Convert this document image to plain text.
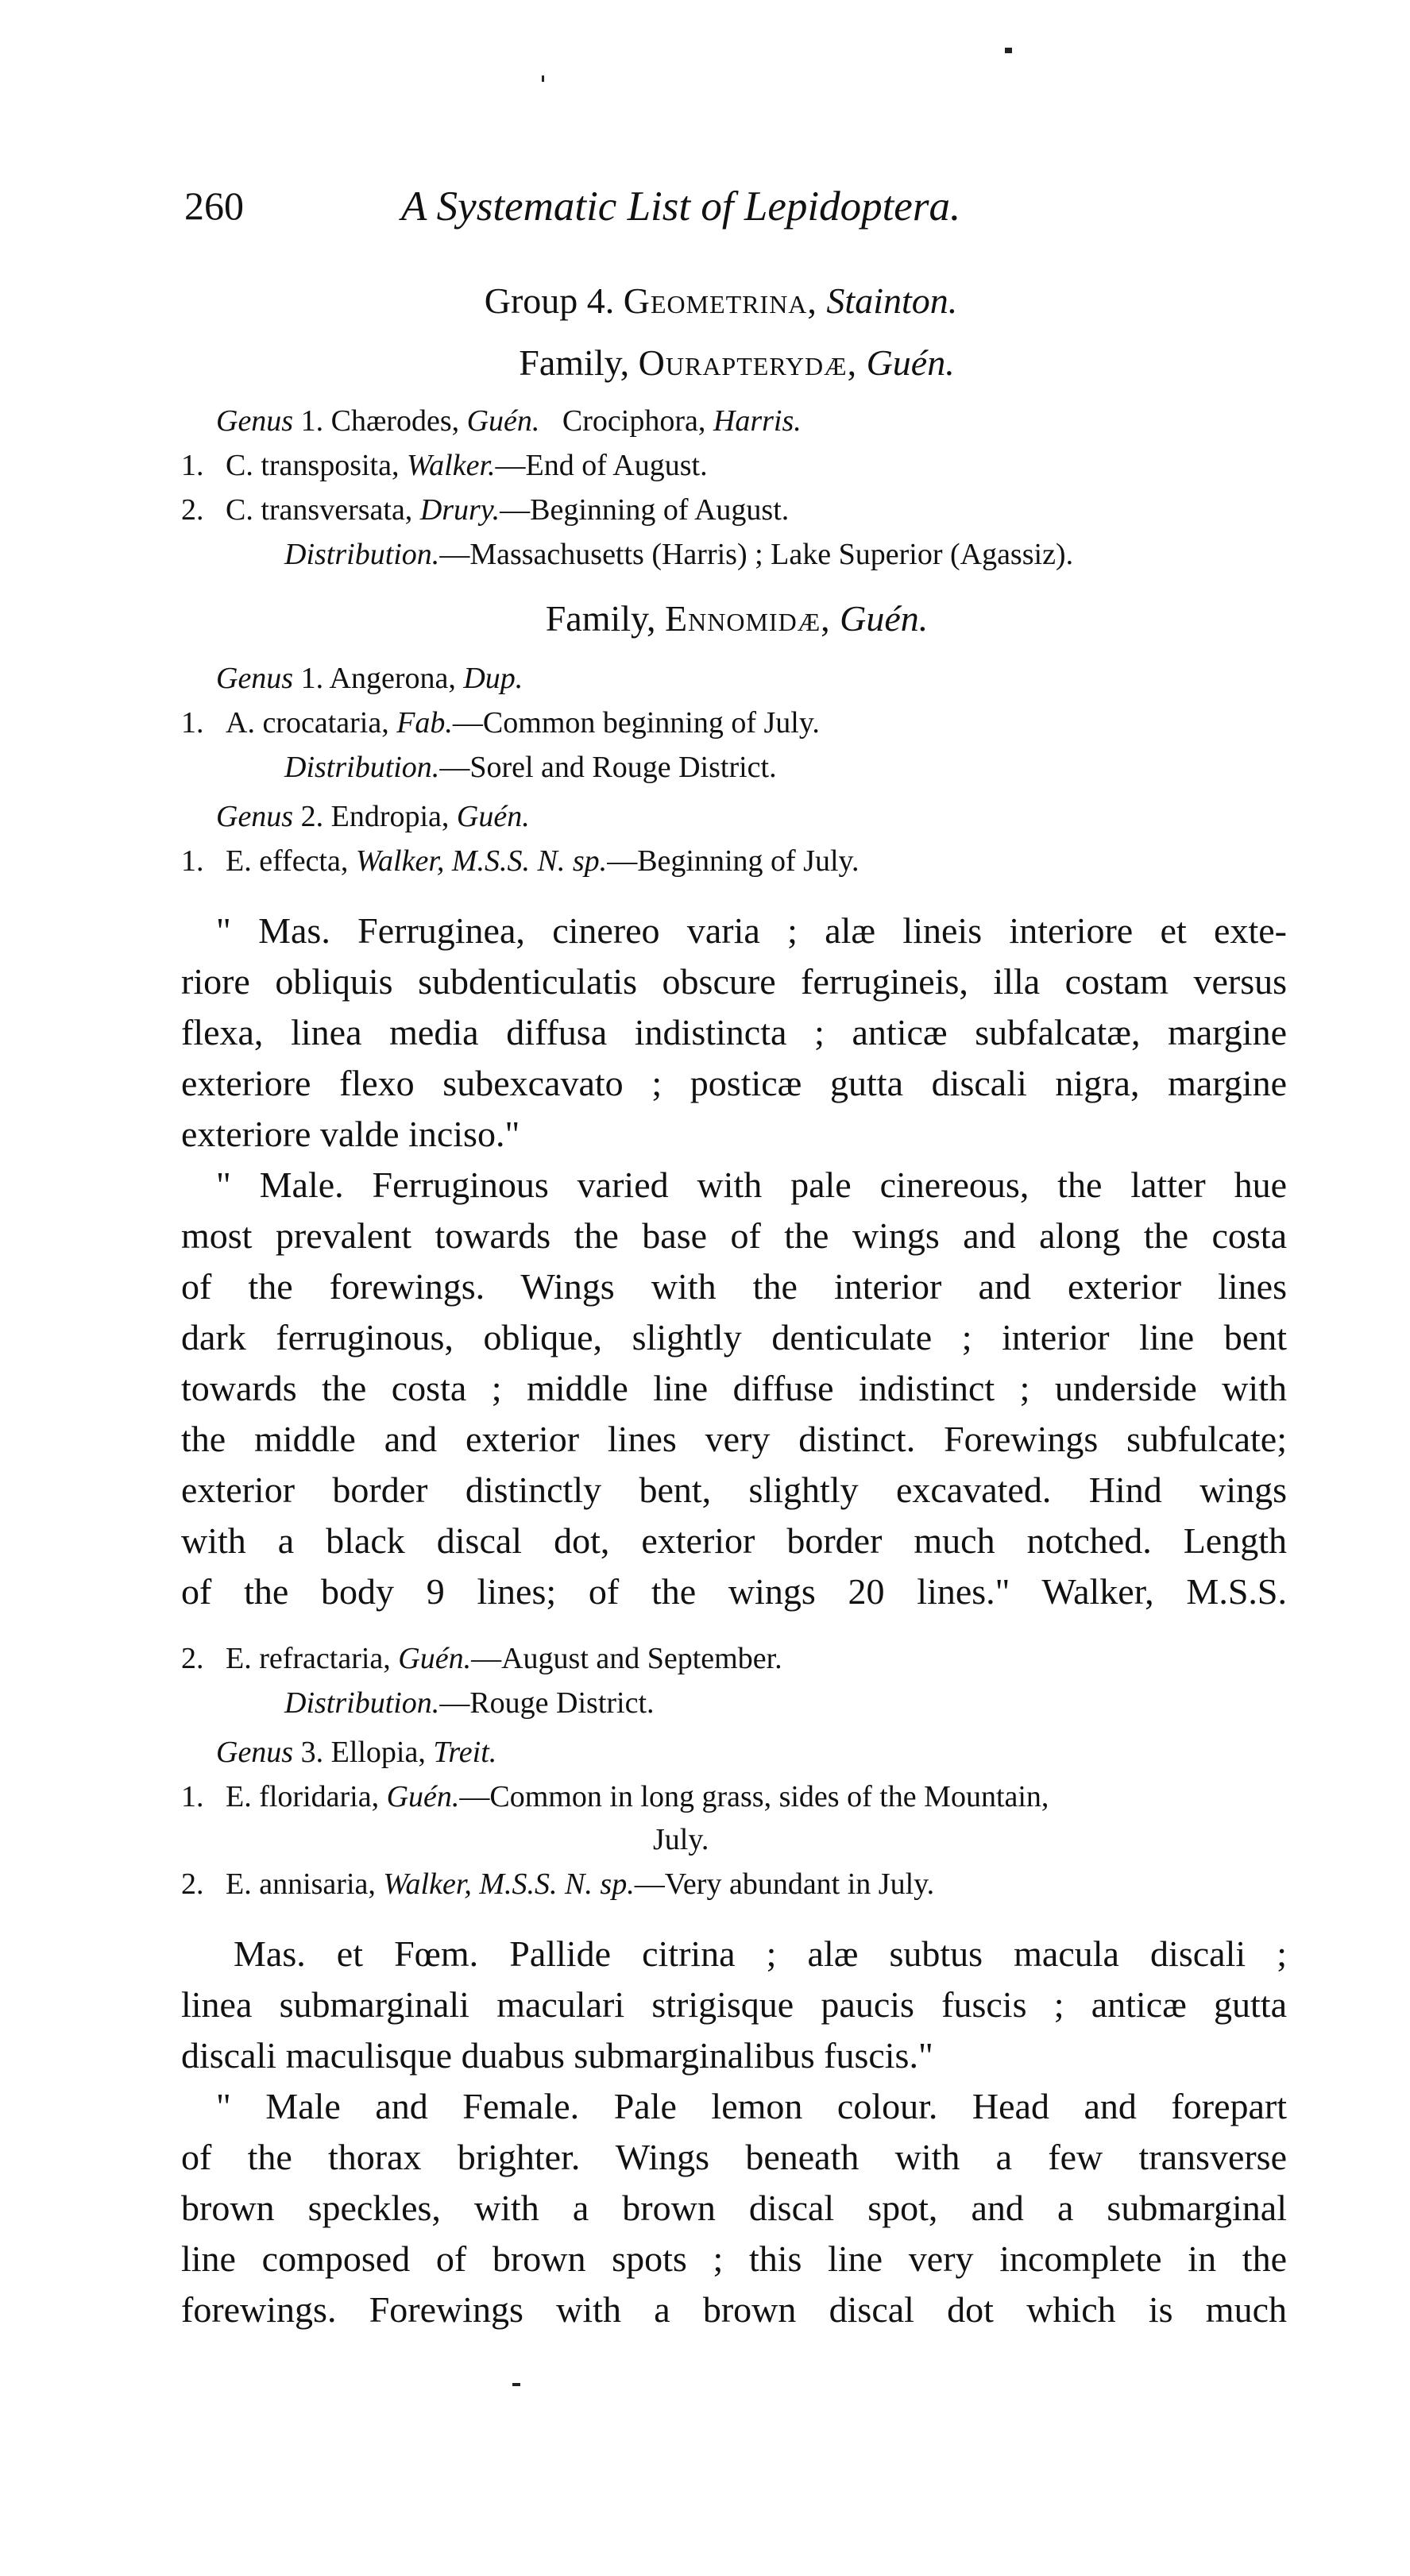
260	A Systematic List of Lepidoptera.
Group 4. Geometrina, Stainton.
Family, Ourapterydæ, Guén.
Genus 1. Chærodes, Guén. Crociphora, Harris.
1. C. transposita, Walker.—End of August.
2. C. transversata, Drury.—Beginning of August.
Distribution.—Massachusetts (Harris) ; Lake Superior (Agassiz).
Family, Ennomidæ, Guén.
Genus 1. Angerona, Dup.
1. A. crocataria, Fab.—Common beginning of July.
Distribution.—Sorel and Rouge District.
Genus 2. Endropia, Guén.
1. E. effecta, Walker, M.S.S. N. sp.—Beginning of July.
" Mas. Ferruginea, cinereo varia ; alæ lineis interiore et exte-
riore obliquis subdenticulatis obscure ferrugineis, illa costam versus
flexa, linea media diffusa indistincta ; anticæ subfalcatæ, margine
exteriore flexo subexcavato ; posticæ gutta discali nigra, margine
exteriore valde inciso."
" Male. Ferruginous varied with pale cinereous, the latter hue
most prevalent towards the base of the wings and along the costa
of the forewings. Wings with the interior and exterior lines
dark ferruginous, oblique, slightly denticulate ; interior line bent
towards the costa ; middle line diffuse indistinct ; underside with
the middle and exterior lines very distinct. Forewings subfulcate;
exterior border distinctly bent, slightly excavated. Hind wings
with a black discal dot, exterior border much notched. Length
of the body 9 lines; of the wings 20 lines." Walker, M.S.S.
2. E. refractaria, Guén.—August and September.
Distribution.—Rouge District.
Genus 3. Ellopia, Treit.
1. E. floridaria, Guén.—Common in long grass, sides of the Mountain,
July.
2. E. annisaria, Walker, M.S.S. N. sp.—Very abundant in July.
Mas. et Fœm. Pallide citrina ; alæ subtus macula discali ;
linea submarginali maculari strigisque paucis fuscis ; anticæ gutta
discali maculisque duabus submarginalibus fuscis."
" Male and Female. Pale lemon colour. Head and forepart
of the thorax brighter. Wings beneath with a few transverse
brown speckles, with a brown discal spot, and a submarginal
line composed of brown spots ; this line very incomplete in the
forewings. Forewings with a brown discal dot which is much
